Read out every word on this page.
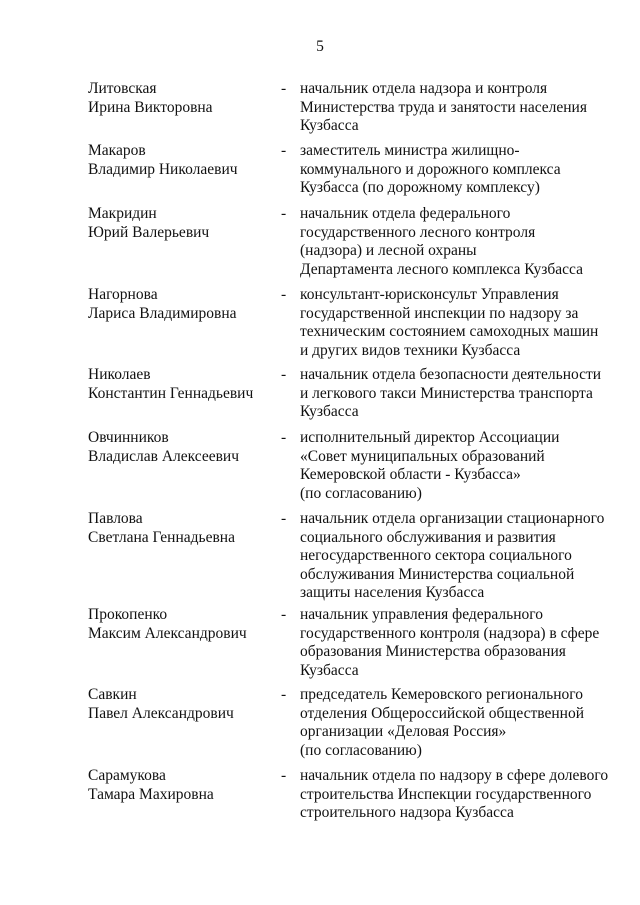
5
Литовская
Ирина Викторовна
- начальник отдела надзора и контроля
Министерства труда и занятости населения
Кузбасса
Макаров
Владимир Николаевич
- заместитель министра жилищно-
коммунального и дорожного комплекса
Кузбасса (по дорожному комплексу)
Макридин
Юрий Валерьевич
- начальник отдела федерального
государственного лесного контроля
(надзора) и лесной охраны
Департамента лесного комплекса Кузбасса
Нагорнова
Лариса Владимировна
- консультант-юрисконсульт Управления
государственной инспекции по надзору за
техническим состоянием самоходных машин
и других видов техники Кузбасса
Николаев
Константин Геннадьевич
- начальник отдела безопасности деятельности
и легкового такси Министерства транспорта
Кузбасса
Овчинников
Владислав Алексеевич
- исполнительный директор Ассоциации
«Совет муниципальных образований
Кемеровской области - Кузбасса»
(по согласованию)
Павлова
Светлана Геннадьевна
- начальник отдела организации стационарного
социального обслуживания и развития
негосударственного сектора социального
обслуживания Министерства социальной
защиты населения Кузбасса
Прокопенко
Максим Александрович
- начальник управления федерального
государственного контроля (надзора) в сфере
образования Министерства образования
Кузбасса
Савкин
Павел Александрович
- председатель Кемеровского регионального
отделения Общероссийской общественной
организации «Деловая Россия»
(по согласованию)
Сарамукова
Тамара Махировна
- начальник отдела по надзору в сфере долевого
строительства Инспекции государственного
строительного надзора Кузбасса
